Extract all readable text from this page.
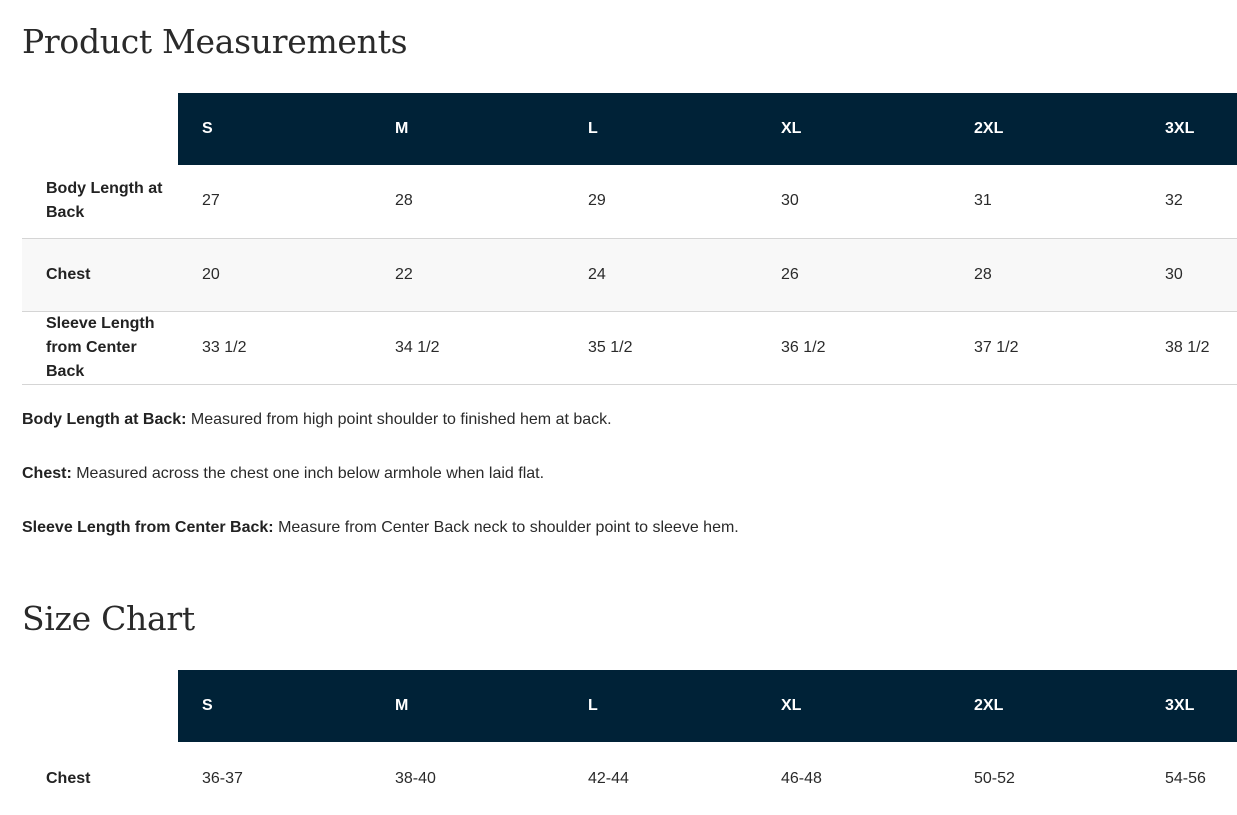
Product Measurements
	S	M	L	XL	2XL	3XL
Body Length at Back	27	28	29	30	31	32
Chest	20	22	24	26	28	30
Sleeve Length from Center Back	33 1/2	34 1/2	35 1/2	36 1/2	37 1/2	38 1/2

Body Length at Back: Measured from high point shoulder to finished hem at back.

Chest: Measured across the chest one inch below armhole when laid flat.

Sleeve Length from Center Back: Measure from Center Back neck to shoulder point to sleeve hem.

Size Chart
	S	M	L	XL	2XL	3XL
Chest	36-37	38-40	42-44	46-48	50-52	54-56
